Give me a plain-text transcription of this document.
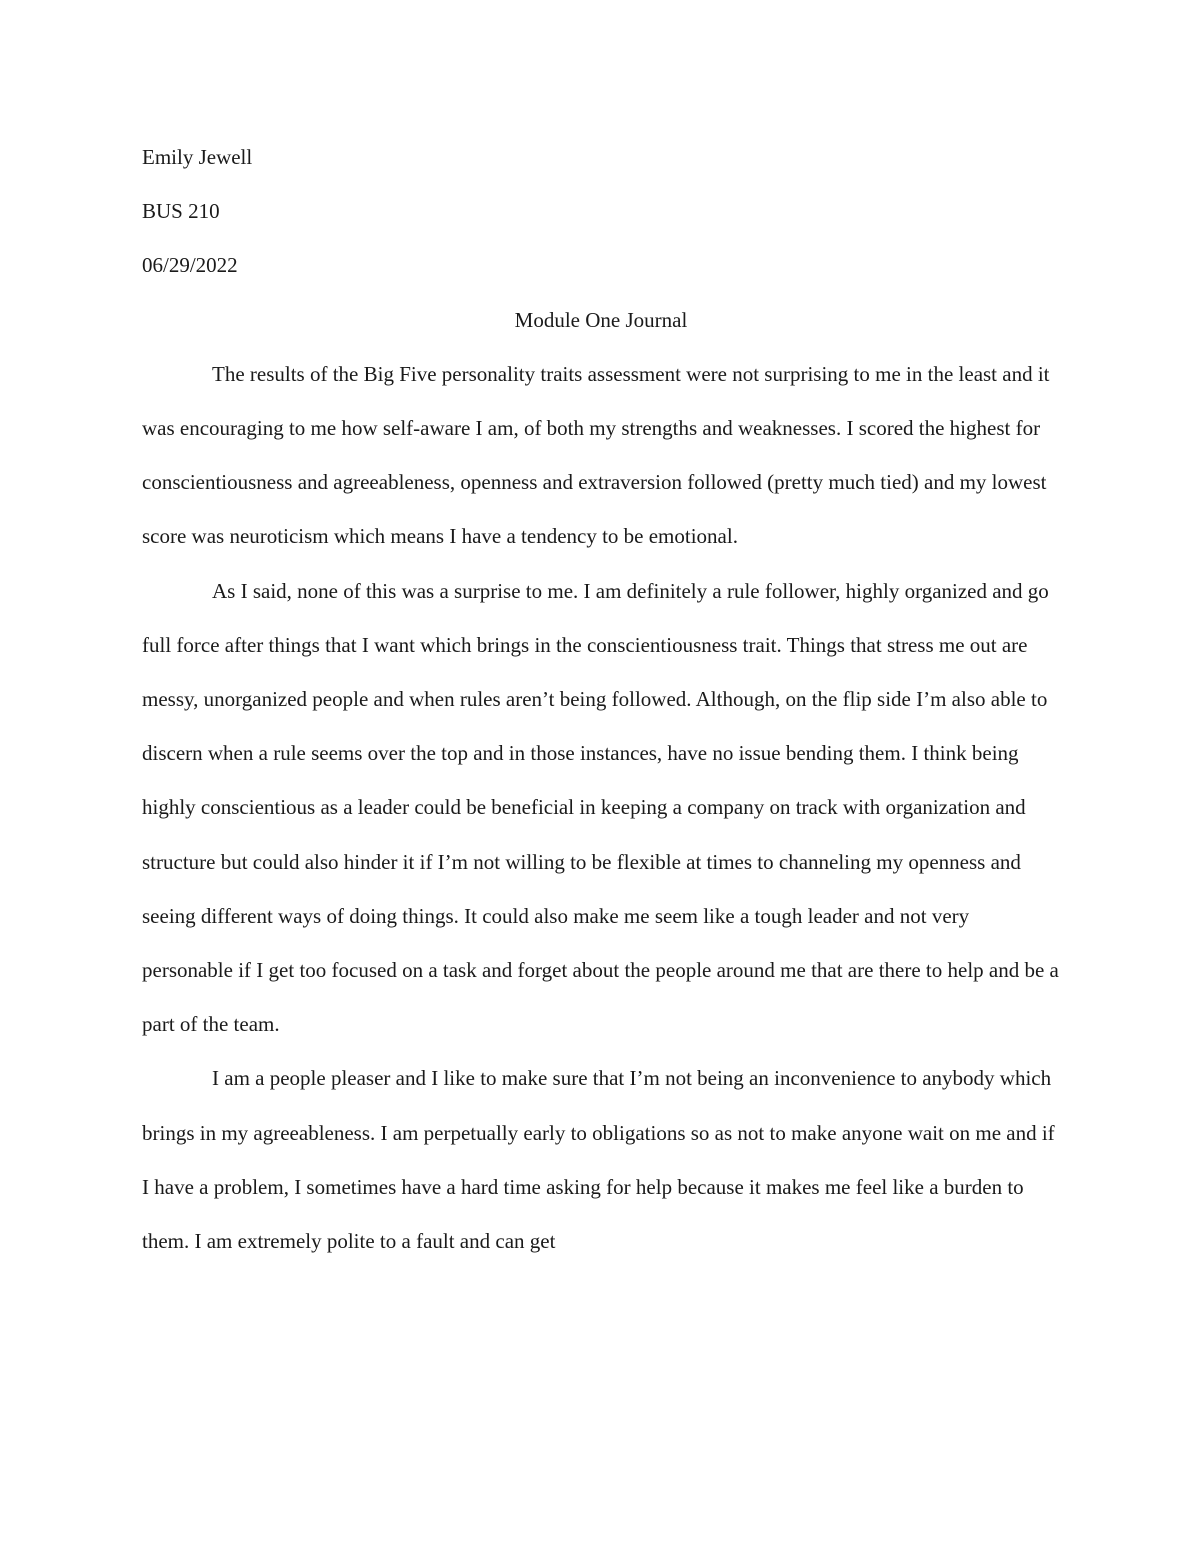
Emily Jewell

BUS 210

06/29/2022

Module One Journal

The results of the Big Five personality traits assessment were not surprising to me in the least and it was encouraging to me how self-aware I am, of both my strengths and weaknesses. I scored the highest for conscientiousness and agreeableness, openness and extraversion followed (pretty much tied) and my lowest score was neuroticism which means I have a tendency to be emotional.

As I said, none of this was a surprise to me. I am definitely a rule follower, highly organized and go full force after things that I want which brings in the conscientiousness trait. Things that stress me out are messy, unorganized people and when rules aren’t being followed. Although, on the flip side I’m also able to discern when a rule seems over the top and in those instances, have no issue bending them. I think being highly conscientious as a leader could be beneficial in keeping a company on track with organization and structure but could also hinder it if I’m not willing to be flexible at times to channeling my openness and seeing different ways of doing things. It could also make me seem like a tough leader and not very personable if I get too focused on a task and forget about the people around me that are there to help and be a part of the team.

I am a people pleaser and I like to make sure that I’m not being an inconvenience to anybody which brings in my agreeableness. I am perpetually early to obligations so as not to make anyone wait on me and if I have a problem, I sometimes have a hard time asking for help because it makes me feel like a burden to them. I am extremely polite to a fault and can get
